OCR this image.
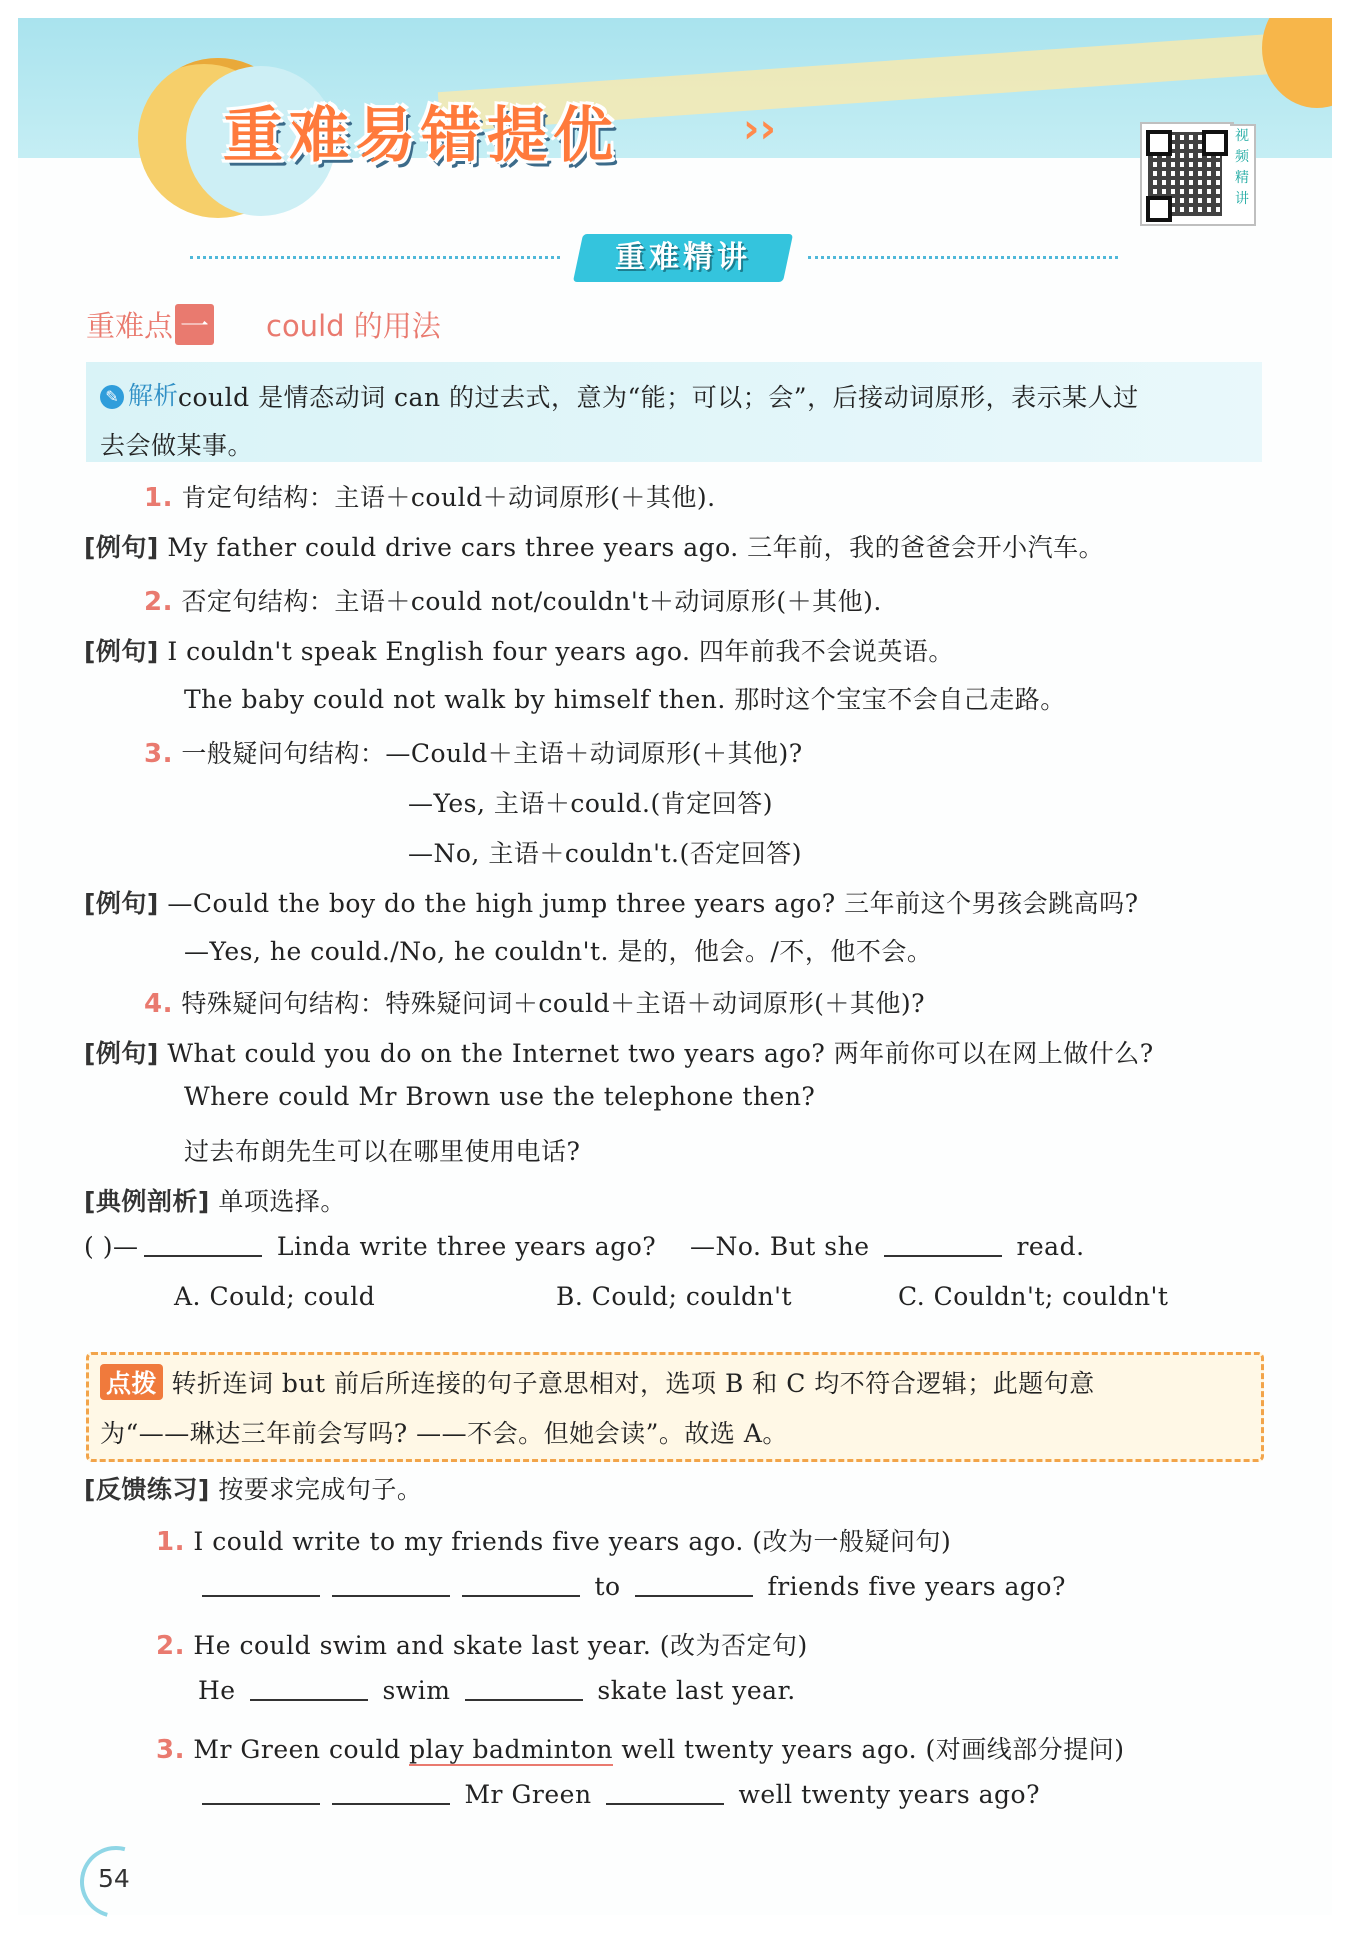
重难易错提优	››	视
频
精
讲
重难精讲
重难点 一 could 的用法
✎ 解析 could 是情态动词 can 的过去式，意为“能；可以；会”，后接动词原形，表示某人过
去会做某事。
1. 肯定句结构：主语＋could＋动词原形(＋其他).
[例句] My father could drive cars three years ago. 三年前，我的爸爸会开小汽车。
2. 否定句结构：主语＋could not/couldn't＋动词原形(＋其他).
[例句] I couldn't speak English four years ago. 四年前我不会说英语。
The baby could not walk by himself then. 那时这个宝宝不会自己走路。
3. 一般疑问句结构：—Could＋主语＋动词原形(＋其他)?
—Yes, 主语＋could.(肯定回答)
—No, 主语＋couldn't.(否定回答)
[例句] —Could the boy do the high jump three years ago? 三年前这个男孩会跳高吗?
—Yes, he could./No, he couldn't. 是的，他会。/不，他不会。
4. 特殊疑问句结构：特殊疑问词＋could＋主语＋动词原形(＋其他)?
[例句] What could you do on the Internet two years ago? 两年前你可以在网上做什么?
Where could Mr Brown use the telephone then?
过去布朗先生可以在哪里使用电话?
[典例剖析] 单项选择。
( )—	Linda write three years ago? —No. But she	read.
A. Could; could	B. Could; couldn't	C. Couldn't; couldn't
点拨 转折连词 but 前后所连接的句子意思相对，选项 B 和 C 均不符合逻辑；此题句意
为“——琳达三年前会写吗? ——不会。但她会读”。故选 A。
[反馈练习] 按要求完成句子。
1. I could write to my friends five years ago. (改为一般疑问句)
to	friends five years ago?
2. He could swim and skate last year. (改为否定句)
He	swim	skate last year.
3. Mr Green could play badminton well twenty years ago. (对画线部分提问)
Mr Green	well twenty years ago?
54
